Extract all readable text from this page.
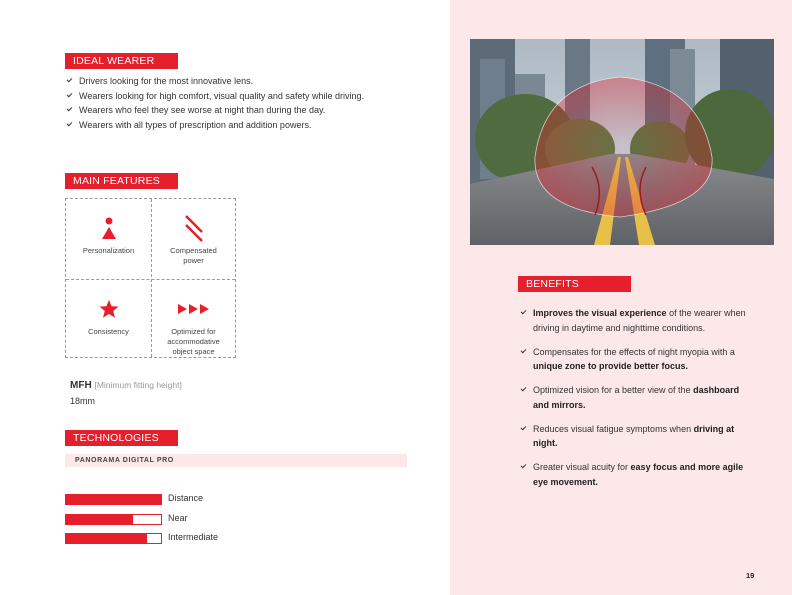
IDEAL WEARER
Drivers looking for the most innovative lens.
Wearers looking for high comfort, visual quality and safety while driving.
Wearers who feel they see worse at night than during the day.
Wearers with all types of prescription and addition powers.
MAIN FEATURES
Personalization	Compensated power
Consistency	Optimized for accommodative object space
MFH [Minimum fitting height]
18mm
TECHNOLOGIES
PANORAMA DIGITAL PRO
Distance
Near
Intermediate
BENEFITS
Improves the visual experience of the wearer when driving in daytime and nighttime conditions.
Compensates for the effects of night myopia with a unique zone to provide better focus.
Optimized vision for a better view of the dashboard and mirrors.
Reduces visual fatigue symptoms when driving at night.
Greater visual acuity for easy focus and more agile eye movement.
19
